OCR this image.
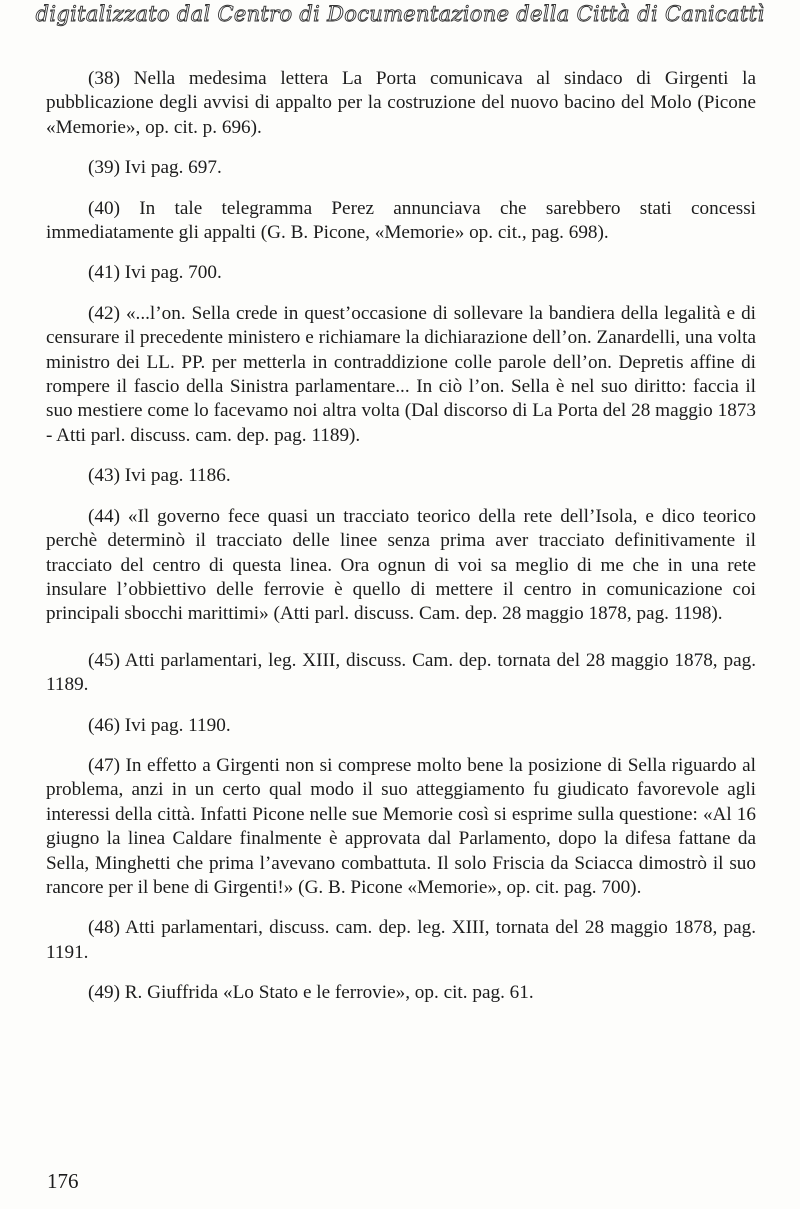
digitalizzato dal Centro di Documentazione della Città di Canicattì

(38) Nella medesima lettera La Porta comunicava al sindaco di Girgenti la pubblicazione degli avvisi di appalto per la costruzione del nuovo bacino del Molo (Picone «Memorie», op. cit. p. 696).

(39) Ivi pag. 697.

(40) In tale telegramma Perez annunciava che sarebbero stati concessi immediatamente gli appalti (G. B. Picone, «Memorie» op. cit., pag. 698).

(41) Ivi pag. 700.

(42) «...l’on. Sella crede in quest’occasione di sollevare la bandiera della legalità e di censurare il precedente ministero e richiamare la dichiarazione dell’on. Zanardelli, una volta ministro dei LL. PP. per metterla in contraddizione colle parole dell’on. Depretis affine di rompere il fascio della Sinistra parlamentare... In ciò l’on. Sella è nel suo diritto: faccia il suo mestiere come lo facevamo noi altra volta (Dal discorso di La Porta del 28 maggio 1873 - Atti parl. discuss. cam. dep. pag. 1189).

(43) Ivi pag. 1186.

(44) «Il governo fece quasi un tracciato teorico della rete dell’Isola, e dico teorico perchè determinò il tracciato delle linee senza prima aver tracciato definitivamente il tracciato del centro di questa linea. Ora ognun di voi sa meglio di me che in una rete insulare l’obbiettivo delle ferrovie è quello di mettere il centro in comunicazione coi principali sbocchi marittimi» (Atti parl. discuss. Cam. dep. 28 maggio 1878, pag. 1198).

(45) Atti parlamentari, leg. XIII, discuss. Cam. dep. tornata del 28 maggio 1878, pag. 1189.

(46) Ivi pag. 1190.

(47) In effetto a Girgenti non si comprese molto bene la posizione di Sella riguardo al problema, anzi in un certo qual modo il suo atteggiamento fu giudicato favorevole agli interessi della città. Infatti Picone nelle sue Memorie così si esprime sulla questione: «Al 16 giugno la linea Caldare finalmente è approvata dal Parlamento, dopo la difesa fattane da Sella, Minghetti che prima l’avevano combattuta. Il solo Friscia da Sciacca dimostrò il suo rancore per il bene di Girgenti!» (G. B. Picone «Memorie», op. cit. pag. 700).

(48) Atti parlamentari, discuss. cam. dep. leg. XIII, tornata del 28 maggio 1878, pag. 1191.

(49) R. Giuffrida «Lo Stato e le ferrovie», op. cit. pag. 61.

176
